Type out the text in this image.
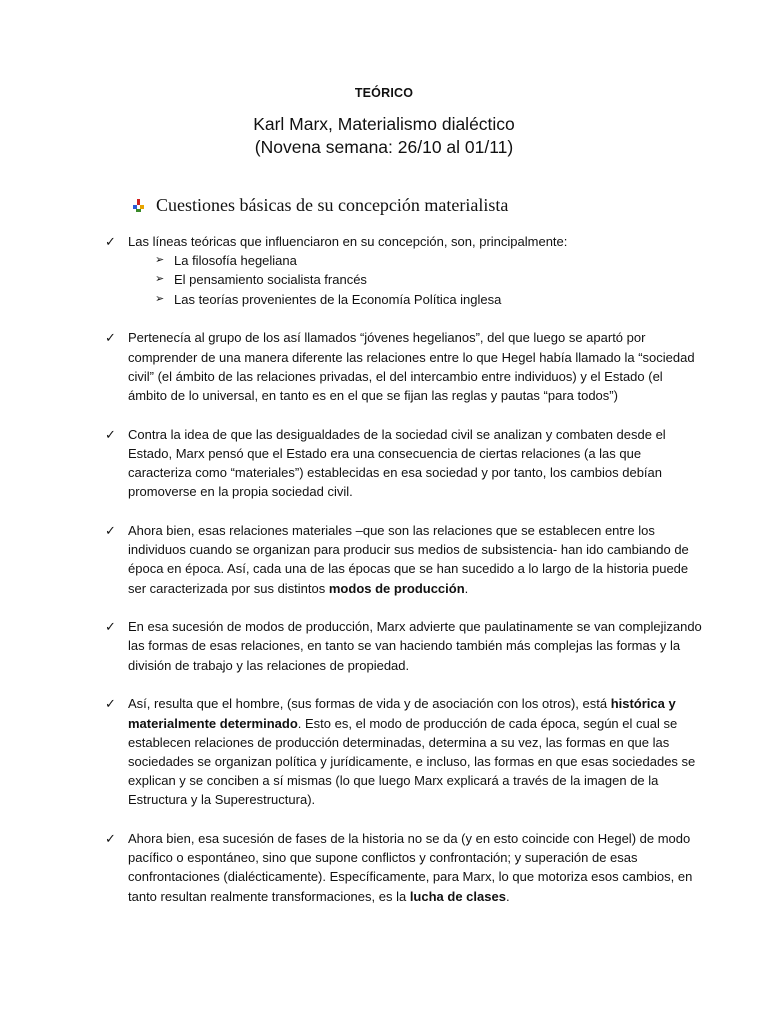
TEÓRICO
Karl Marx, Materialismo dialéctico
(Novena semana: 26/10 al 01/11)
Cuestiones básicas de su concepción materialista
✓ Las líneas teóricas que influenciaron en su concepción, son, principalmente:
➢ La filosofía hegeliana
➢ El pensamiento socialista francés
➢ Las teorías provenientes de la Economía Política inglesa
✓ Pertenecía al grupo de los así llamados “jóvenes hegelianos”, del que luego se apartó por comprender de una manera diferente las relaciones entre lo que Hegel había llamado la “sociedad civil” (el ámbito de las relaciones privadas, el del intercambio entre individuos) y el Estado (el ámbito de lo universal, en tanto es en el que se fijan las reglas y pautas “para todos”)
✓ Contra la idea de que las desigualdades de la sociedad civil se analizan y combaten desde el Estado, Marx pensó que el Estado era una consecuencia de ciertas relaciones (a las que caracteriza como “materiales”) establecidas en esa sociedad y por tanto, los cambios debían promoverse en la propia sociedad civil.
✓ Ahora bien, esas relaciones materiales –que son las relaciones que se establecen entre los individuos cuando se organizan para producir sus medios de subsistencia- han ido cambiando de época en época. Así, cada una de las épocas que se han sucedido a lo largo de la historia puede ser caracterizada por sus distintos modos de producción.
✓ En esa sucesión de modos de producción, Marx advierte que paulatinamente se van complejizando las formas de esas relaciones, en tanto se van haciendo también más complejas las formas y la división de trabajo y las relaciones de propiedad.
✓ Así, resulta que el hombre, (sus formas de vida y de asociación con los otros), está histórica y materialmente determinado. Esto es, el modo de producción de cada época, según el cual se establecen relaciones de producción determinadas, determina a su vez, las formas en que las sociedades se organizan política y jurídicamente, e incluso, las formas en que esas sociedades se explican y se conciben a sí mismas (lo que luego Marx explicará a través de la imagen de la Estructura y la Superestructura).
✓ Ahora bien, esa sucesión de fases de la historia no se da (y en esto coincide con Hegel) de modo pacífico o espontáneo, sino que supone conflictos y confrontación; y superación de esas confrontaciones (dialécticamente). Específicamente, para Marx, lo que motoriza esos cambios, en tanto resultan realmente transformaciones, es la lucha de clases.
